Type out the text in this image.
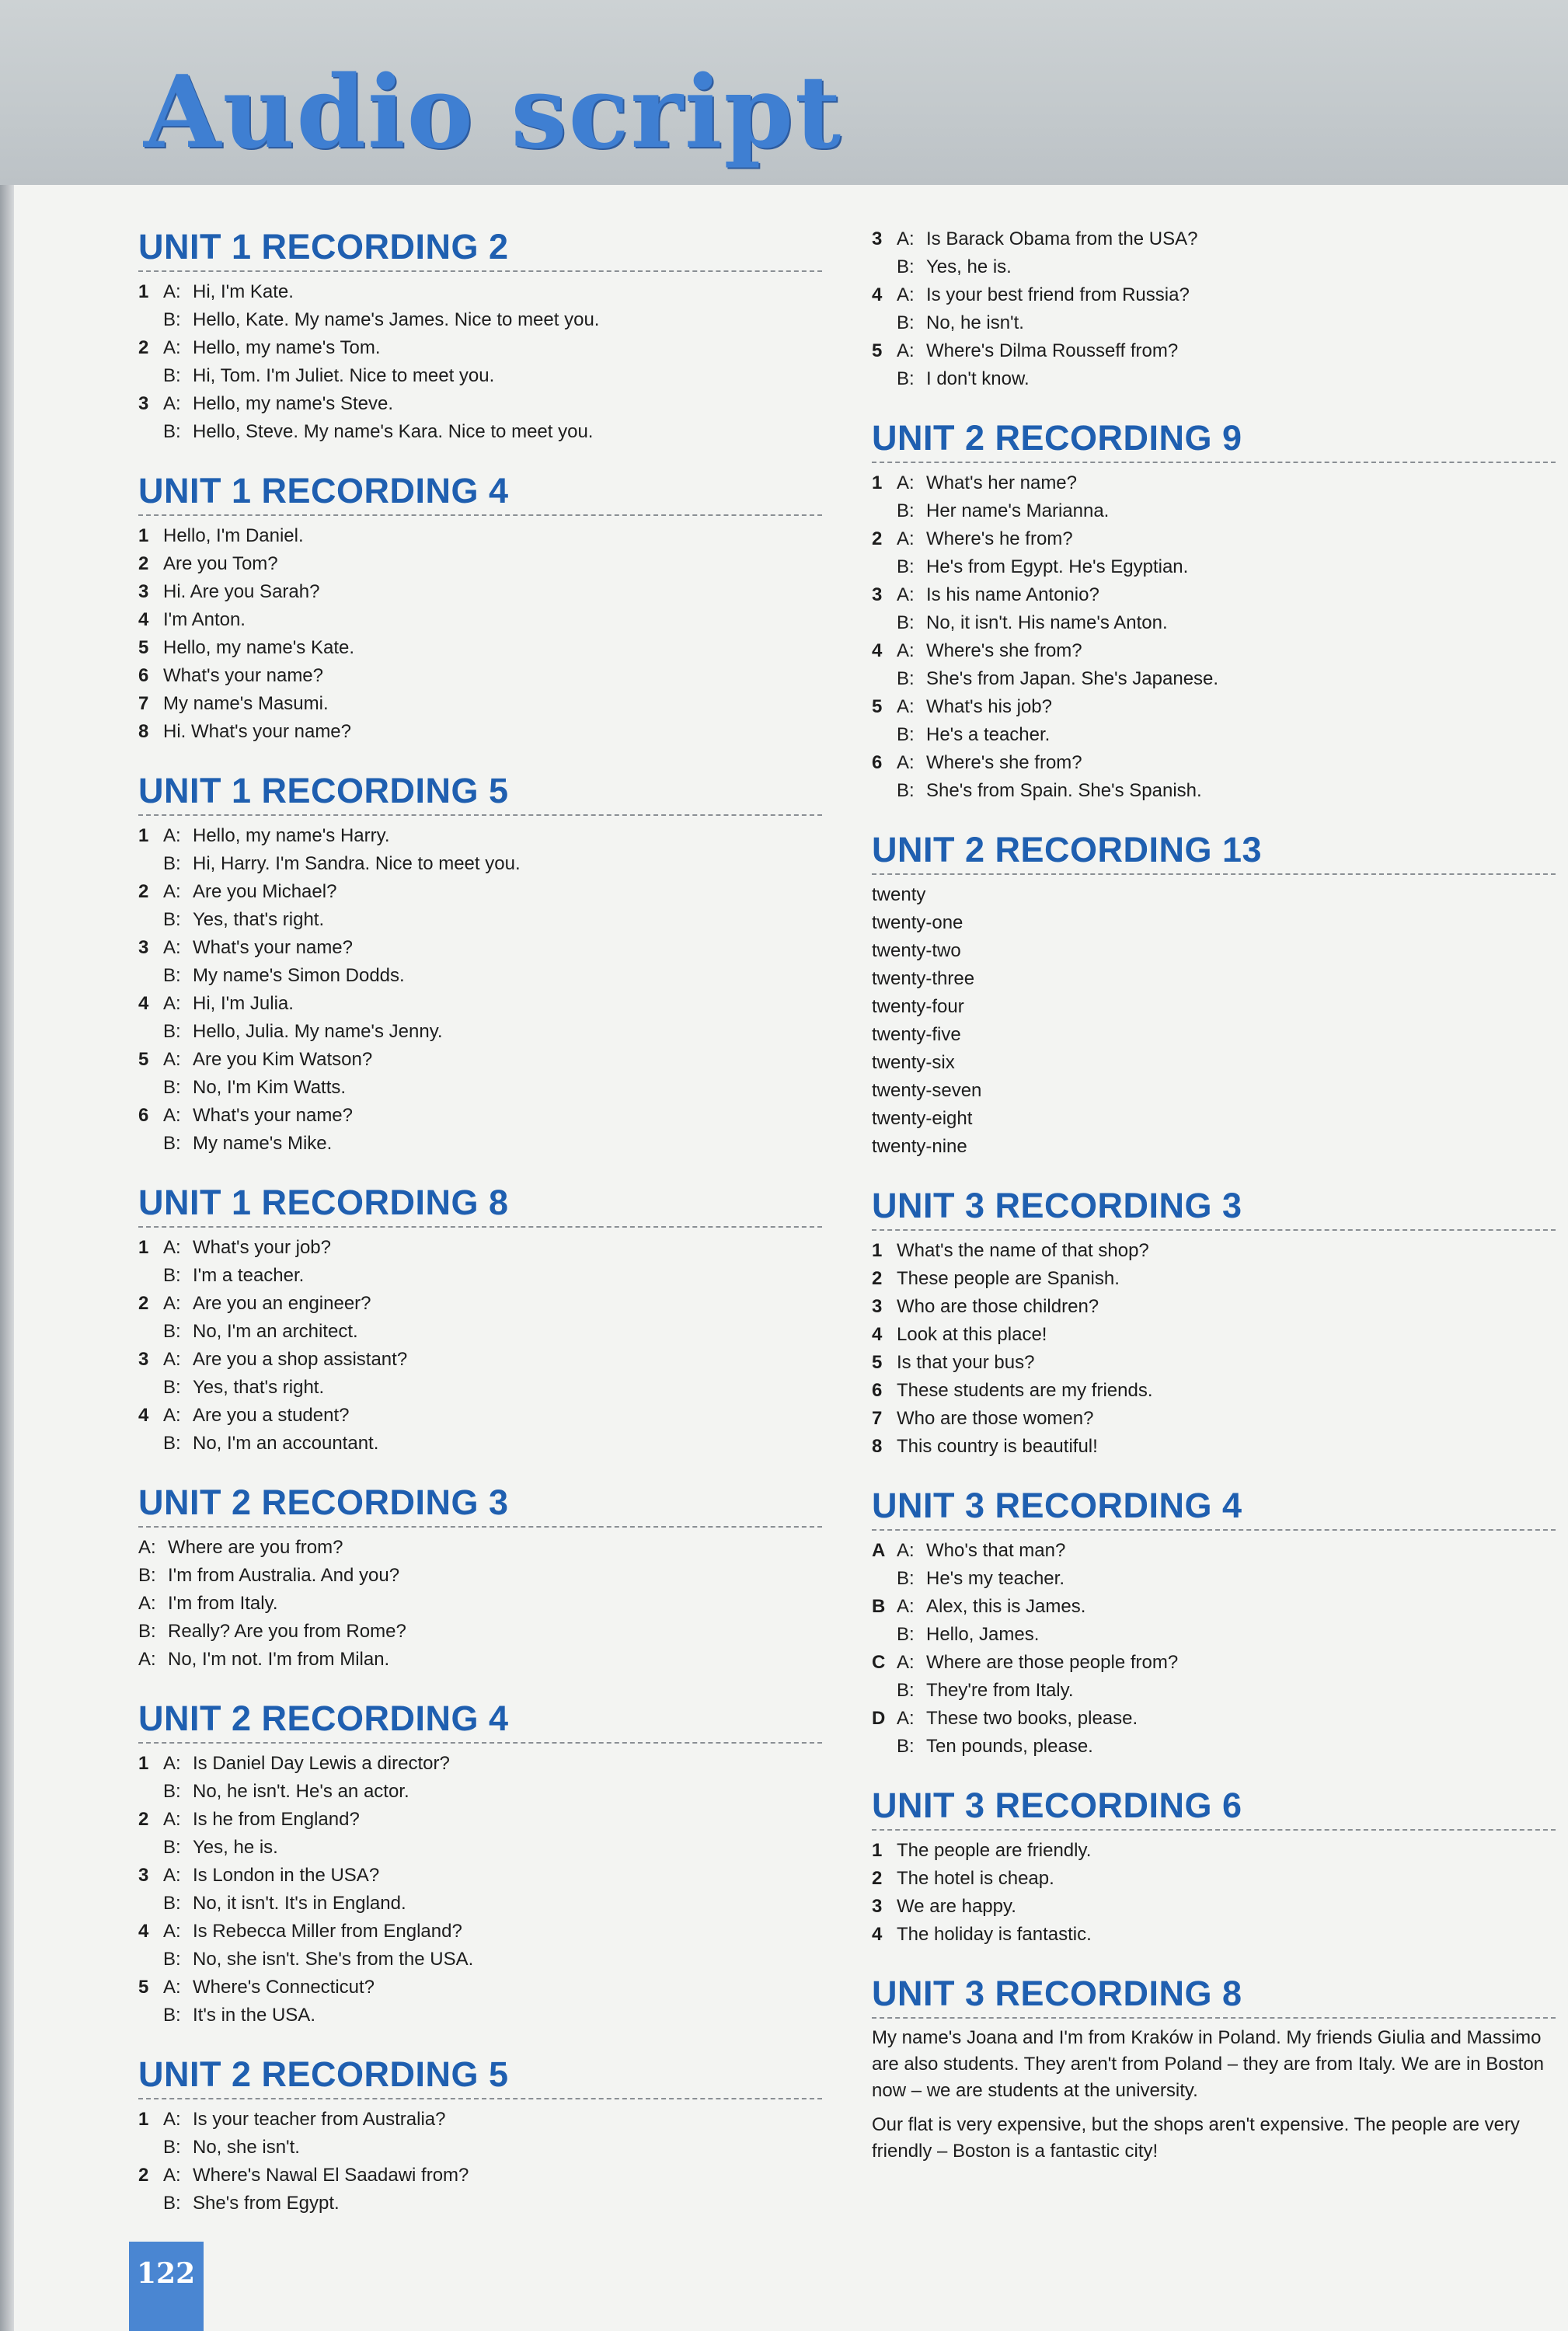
Audio script
UNIT 1 RECORDING 2
1 A: Hi, I'm Kate.
B: Hello, Kate. My name's James. Nice to meet you.
2 A: Hello, my name's Tom.
B: Hi, Tom. I'm Juliet. Nice to meet you.
3 A: Hello, my name's Steve.
B: Hello, Steve. My name's Kara. Nice to meet you.
UNIT 1 RECORDING 4
1 Hello, I'm Daniel.
2 Are you Tom?
3 Hi. Are you Sarah?
4 I'm Anton.
5 Hello, my name's Kate.
6 What's your name?
7 My name's Masumi.
8 Hi. What's your name?
UNIT 1 RECORDING 5
1 A: Hello, my name's Harry.
B: Hi, Harry. I'm Sandra. Nice to meet you.
2 A: Are you Michael?
B: Yes, that's right.
3 A: What's your name?
B: My name's Simon Dodds.
4 A: Hi, I'm Julia.
B: Hello, Julia. My name's Jenny.
5 A: Are you Kim Watson?
B: No, I'm Kim Watts.
6 A: What's your name?
B: My name's Mike.
UNIT 1 RECORDING 8
1 A: What's your job?
B: I'm a teacher.
2 A: Are you an engineer?
B: No, I'm an architect.
3 A: Are you a shop assistant?
B: Yes, that's right.
4 A: Are you a student?
B: No, I'm an accountant.
UNIT 2 RECORDING 3
A: Where are you from?
B: I'm from Australia. And you?
A: I'm from Italy.
B: Really? Are you from Rome?
A: No, I'm not. I'm from Milan.
UNIT 2 RECORDING 4
1 A: Is Daniel Day Lewis a director?
B: No, he isn't. He's an actor.
2 A: Is he from England?
B: Yes, he is.
3 A: Is London in the USA?
B: No, it isn't. It's in England.
4 A: Is Rebecca Miller from England?
B: No, she isn't. She's from the USA.
5 A: Where's Connecticut?
B: It's in the USA.
UNIT 2 RECORDING 5
1 A: Is your teacher from Australia?
B: No, she isn't.
2 A: Where's Nawal El Saadawi from?
B: She's from Egypt.
3 A: Is Barack Obama from the USA?
B: Yes, he is.
4 A: Is your best friend from Russia?
B: No, he isn't.
5 A: Where's Dilma Rousseff from?
B: I don't know.
UNIT 2 RECORDING 9
1 A: What's her name?
B: Her name's Marianna.
2 A: Where's he from?
B: He's from Egypt. He's Egyptian.
3 A: Is his name Antonio?
B: No, it isn't. His name's Anton.
4 A: Where's she from?
B: She's from Japan. She's Japanese.
5 A: What's his job?
B: He's a teacher.
6 A: Where's she from?
B: She's from Spain. She's Spanish.
UNIT 2 RECORDING 13
twenty
twenty-one
twenty-two
twenty-three
twenty-four
twenty-five
twenty-six
twenty-seven
twenty-eight
twenty-nine
UNIT 3 RECORDING 3
1 What's the name of that shop?
2 These people are Spanish.
3 Who are those children?
4 Look at this place!
5 Is that your bus?
6 These students are my friends.
7 Who are those women?
8 This country is beautiful!
UNIT 3 RECORDING 4
A A: Who's that man?
B: He's my teacher.
B A: Alex, this is James.
B: Hello, James.
C A: Where are those people from?
B: They're from Italy.
D A: These two books, please.
B: Ten pounds, please.
UNIT 3 RECORDING 6
1 The people are friendly.
2 The hotel is cheap.
3 We are happy.
4 The holiday is fantastic.
UNIT 3 RECORDING 8
My name's Joana and I'm from Kraków in Poland. My friends Giulia and Massimo are also students. They aren't from Poland – they are from Italy. We are in Boston now – we are students at the university.
Our flat is very expensive, but the shops aren't expensive. The people are very friendly – Boston is a fantastic city!
122
